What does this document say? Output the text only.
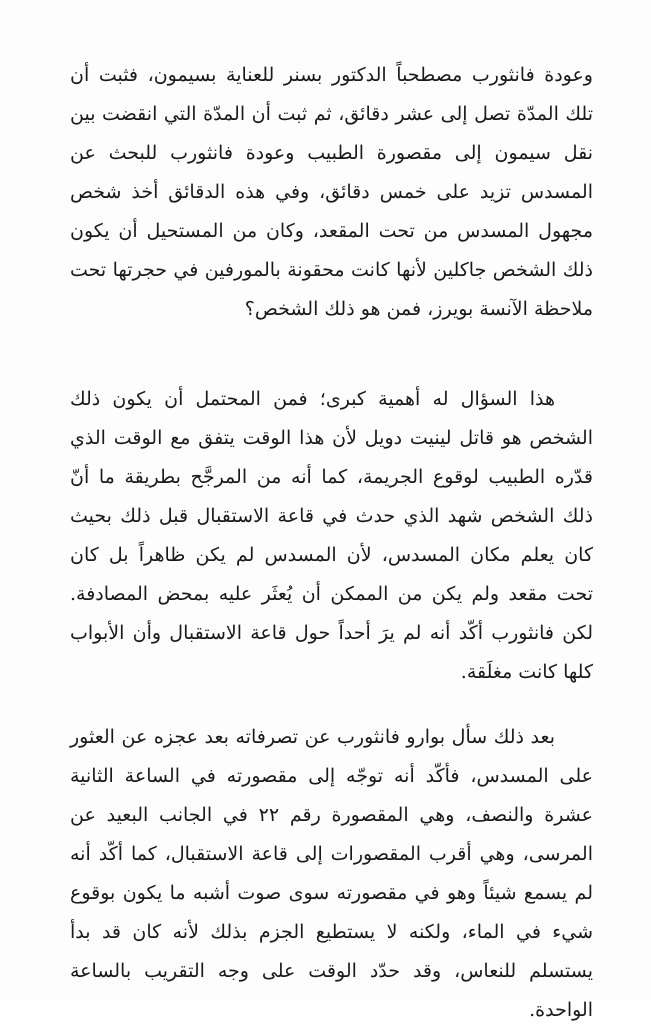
وعودة فانثورب مصطحباً الدكتور بسنر للعناية بسيمون، فثبت أن تلك المدّة تصل إلى عشر دقائق، ثم ثبت أن المدّة التي انقضت بين نقل سيمون إلى مقصورة الطبيب وعودة فانثورب للبحث عن المسدس تزيد على خمس دقائق، وفي هذه الدقائق أخذ شخص مجهول المسدس من تحت المقعد، وكان من المستحيل أن يكون ذلك الشخص جاكلين لأنها كانت محقونة بالمورفين في حجرتها تحت ملاحظة الآنسة بويرز، فمن هو ذلك الشخص؟

هذا السؤال له أهمية كبرى؛ فمن المحتمل أن يكون ذلك الشخص هو قاتل لينيت دويل لأن هذا الوقت يتفق مع الوقت الذي قدّره الطبيب لوقوع الجريمة، كما أنه من المرجَّح بطريقة ما أنّ ذلك الشخص شهد الذي حدث في قاعة الاستقبال قبل ذلك بحيث كان يعلم مكان المسدس، لأن المسدس لم يكن ظاهراً بل كان تحت مقعد ولم يكن من الممكن أن يُعثَر عليه بمحض المصادفة. لكن فانثورب أكّد أنه لم يرَ أحداً حول قاعة الاستقبال وأن الأبواب كلها كانت مغلَقة.

بعد ذلك سأل بوارو فانثورب عن تصرفاته بعد عجزه عن العثور على المسدس، فأكّد أنه توجّه إلى مقصورته في الساعة الثانية عشرة والنصف، وهي المقصورة رقم ٢٢ في الجانب البعيد عن المرسى، وهي أقرب المقصورات إلى قاعة الاستقبال، كما أكّد أنه لم يسمع شيئاً وهو في مقصورته سوى صوت أشبه ما يكون بوقوع شيء في الماء، ولكنه لا يستطيع الجزم بذلك لأنه كان قد بدأ يستسلم للنعاس، وقد حدّد الوقت على وجه التقريب بالساعة الواحدة.
